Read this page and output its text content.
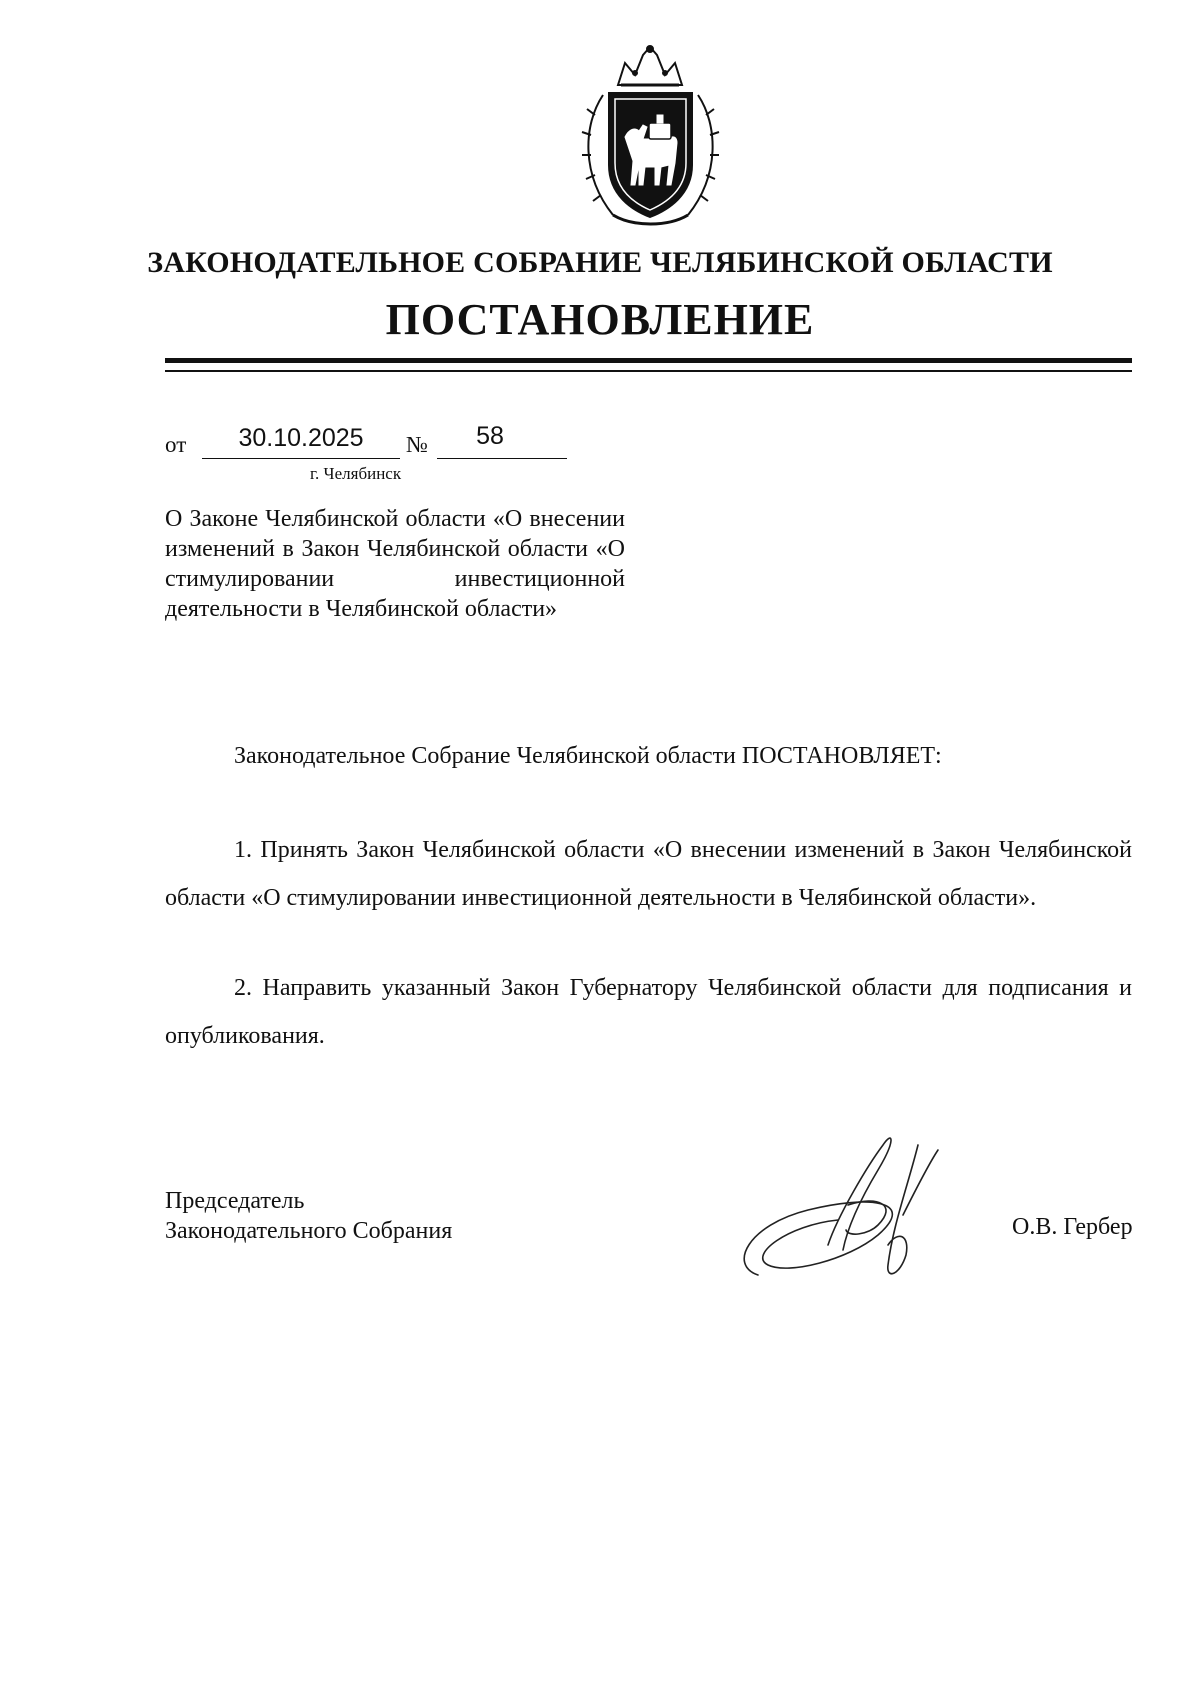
ЗАКОНОДАТЕЛЬНОЕ СОБРАНИЕ ЧЕЛЯБИНСКОЙ ОБЛАСТИ
ПОСТАНОВЛЕНИЕ
от	30.10.2025	№	58
г. Челябинск
О Законе Челябинской области «О внесении изменений в Закон Челябинской области «О стимулировании инвестиционной деятельности в Челябинской области»
Законодательное Собрание Челябинской области ПОСТАНОВЛЯЕТ:

1. Принять Закон Челябинской области «О внесении изменений в Закон Челябинской области «О стимулировании инвестиционной деятельности в Челябинской области».

2. Направить указанный Закон Губернатору Челябинской области для подписания и опубликования.

Председатель
Законодательного Собрания	О.В. Гербер
